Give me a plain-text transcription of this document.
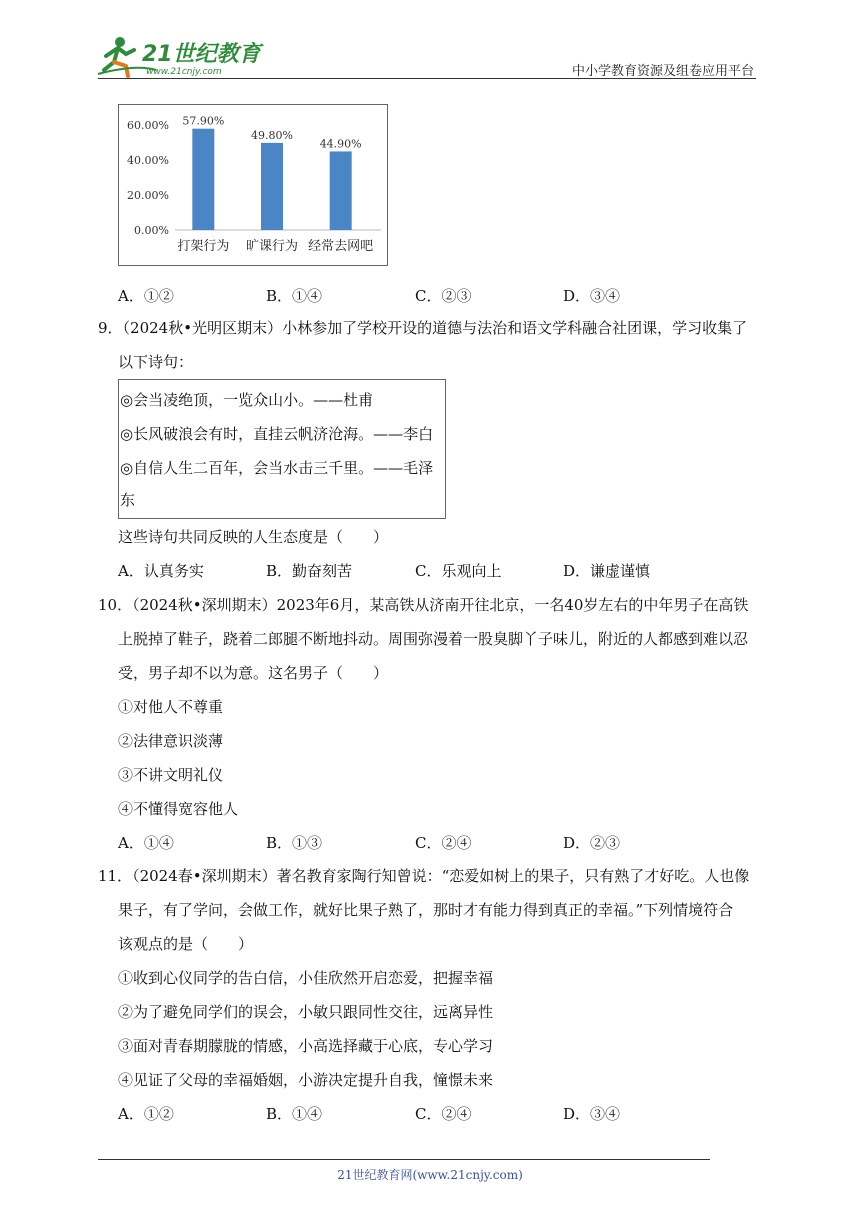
21世纪教育
www.21cnjy.com	中小学教育资源及组卷应用平台
0.00%
20.00%
40.00%
60.00% 57.90%
打架行为
49.80%
旷课行为
44.90%
经常去网吧
A．①②	B．①④	C．②③	D．③④
9．（2024秋•光明区期末）小林参加了学校开设的道德与法治和语文学科融合社团课，学习收集了
以下诗句：
◎会当凌绝顶，一览众山小。——杜甫
◎长风破浪会有时，直挂云帆济沧海。——李白
◎自信人生二百年，会当水击三千里。——毛泽
东
这些诗句共同反映的人生态度是（　　）
A．认真务实	B．勤奋刻苦	C．乐观向上	D．谦虚谨慎
10．（2024秋•深圳期末）2023年6月，某高铁从济南开往北京，一名40岁左右的中年男子在高铁
上脱掉了鞋子，跷着二郎腿不断地抖动。周围弥漫着一股臭脚丫子味儿，附近的人都感到难以忍
受，男子却不以为意。这名男子（　　）
①对他人不尊重
②法律意识淡薄
③不讲文明礼仪
④不懂得宽容他人
A．①④	B．①③	C．②④	D．②③
11．（2024春•深圳期末）著名教育家陶行知曾说：“恋爱如树上的果子，只有熟了才好吃。人也像
果子，有了学问，会做工作，就好比果子熟了，那时才有能力得到真正的幸福。”下列情境符合
该观点的是（　　）
①收到心仪同学的告白信，小佳欣然开启恋爱，把握幸福
②为了避免同学们的误会，小敏只跟同性交往，远离异性
③面对青春期朦胧的情感，小高选择藏于心底，专心学习
④见证了父母的幸福婚姻，小游决定提升自我，憧憬未来
A．①②	B．①④	C．②④	D．③④
21世纪教育网(www.21cnjy.com)
